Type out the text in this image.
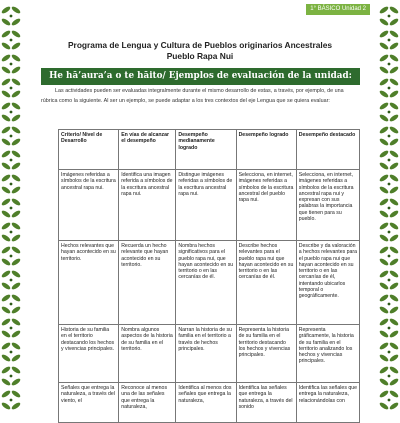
1° BÁSICO Unidad 2
Programa de Lengua y Cultura de Pueblos originarios Ancestrales
Pueblo Rapa Nui
He hā’aura’a o te hāito/ Ejemplos de evaluación de la unidad:

Las actividades pueden ser evaluadas integralmente durante el mismo desarrollo de estas, a través, por ejemplo, de una rúbrica como la siguiente. Al ser un ejemplo, se puede adaptar a los tres contextos del eje Lengua que se quiera evaluar:

Criterio/ Nivel de Desarrollo	En vías de alcanzar el desempeño	Desempeño medianamente logrado	Desempeño logrado	Desempeño destacado
Imágenes referidas a símbolos de la escritura ancestral rapa nui.	Identifica una imagen referida a símbolos de la escritura ancestral rapa nui.	Distingue imágenes referidas a símbolos de la escritura ancestral rapa nui.	Selecciona, en internet, imágenes referidas a símbolos de la escritura ancestral del pueblo rapa nui.	Selecciona, en internet, imágenes referidas a símbolos de la escritura ancestral rapa nui y expresan con sus palabras la importancia que tienen para su pueblo.
Hechos relevantes que hayan acontecido en su territorio.	Recuerda un hecho relevante que hayan acontecido en su territorio.	Nombra hechos significativos para el pueblo rapa nui, que hayan acontecido en su territorio o en las cercanías de él.	Describe hechos relevantes para el pueblo rapa nui que hayan acontecido en su territorio o en las cercanías de él.	Describe y da valoración a hechos relevantes para el pueblo rapa nui que hayan acontecido en su territorio o en las cercanías de él, intentando ubicarlos temporal o geográficamente.
Historia de su familia en el territorio destacando los hechos y vivencias principales.	Nombra algunos aspectos de la historia de su familia en el territorio.	Narran la historia de su familia en el territorio a través de hechos principales.	Representa la historia de su familia en el territorio destacando los hechos y vivencias principales.	Representa gráficamente, la historia de su familia en el territorio analizando los hechos y vivencias principales.
Señales que entrega la naturaleza, a través del viento, el	Reconoce al menos una de las señales que entrega la naturaleza,	Identifica al menos dos señales que entrega la naturaleza,	Identifica las señales que entrega la naturaleza, a través del sonido	Identifica las señales que entrega la naturaleza, relacionándolas con
